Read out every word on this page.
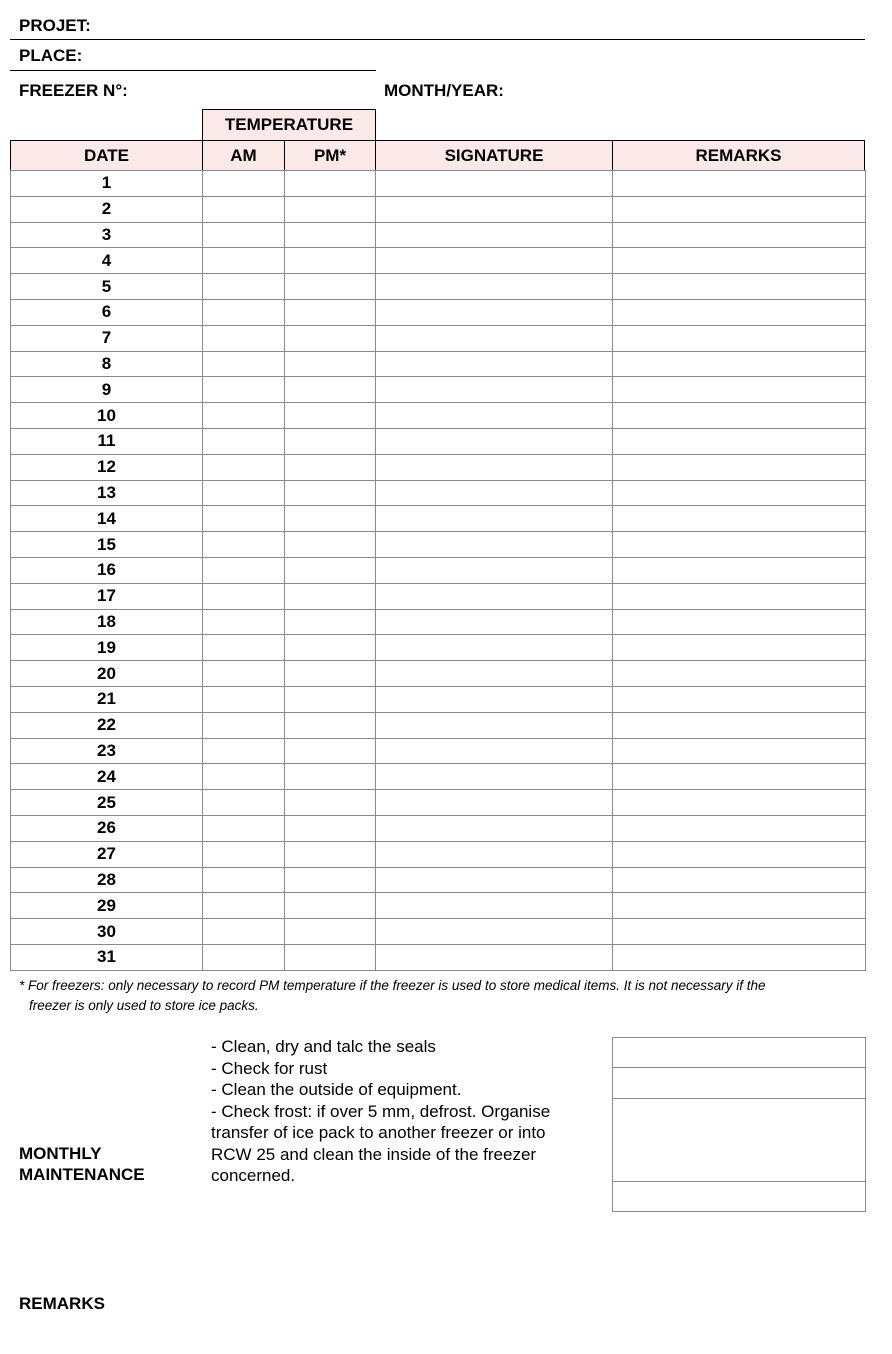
PROJET:
PLACE:
FREEZER N°:	MONTH/YEAR:
TEMPERATURE
DATE	AM	PM*	SIGNATURE	REMARKS
1				
2				
3				
4				
5				
6				
7				
8				
9				
10				
11				
12				
13				
14				
15				
16				
17				
18				
19				
20				
21				
22				
23				
24				
25				
26				
27				
28				
29				
30				
31				
* For freezers: only necessary to record PM temperature if the freezer is used to store medical items. It is not necessary if the
freezer is only used to store ice packs.
MONTHLY
MAINTENANCE
- Clean, dry and talc the seals
- Check for rust
- Clean the outside of equipment.
- Check frost: if over 5 mm, defrost. Organise
transfer of ice pack to another freezer or into
RCW 25 and clean the inside of the freezer
concerned.
REMARKS
